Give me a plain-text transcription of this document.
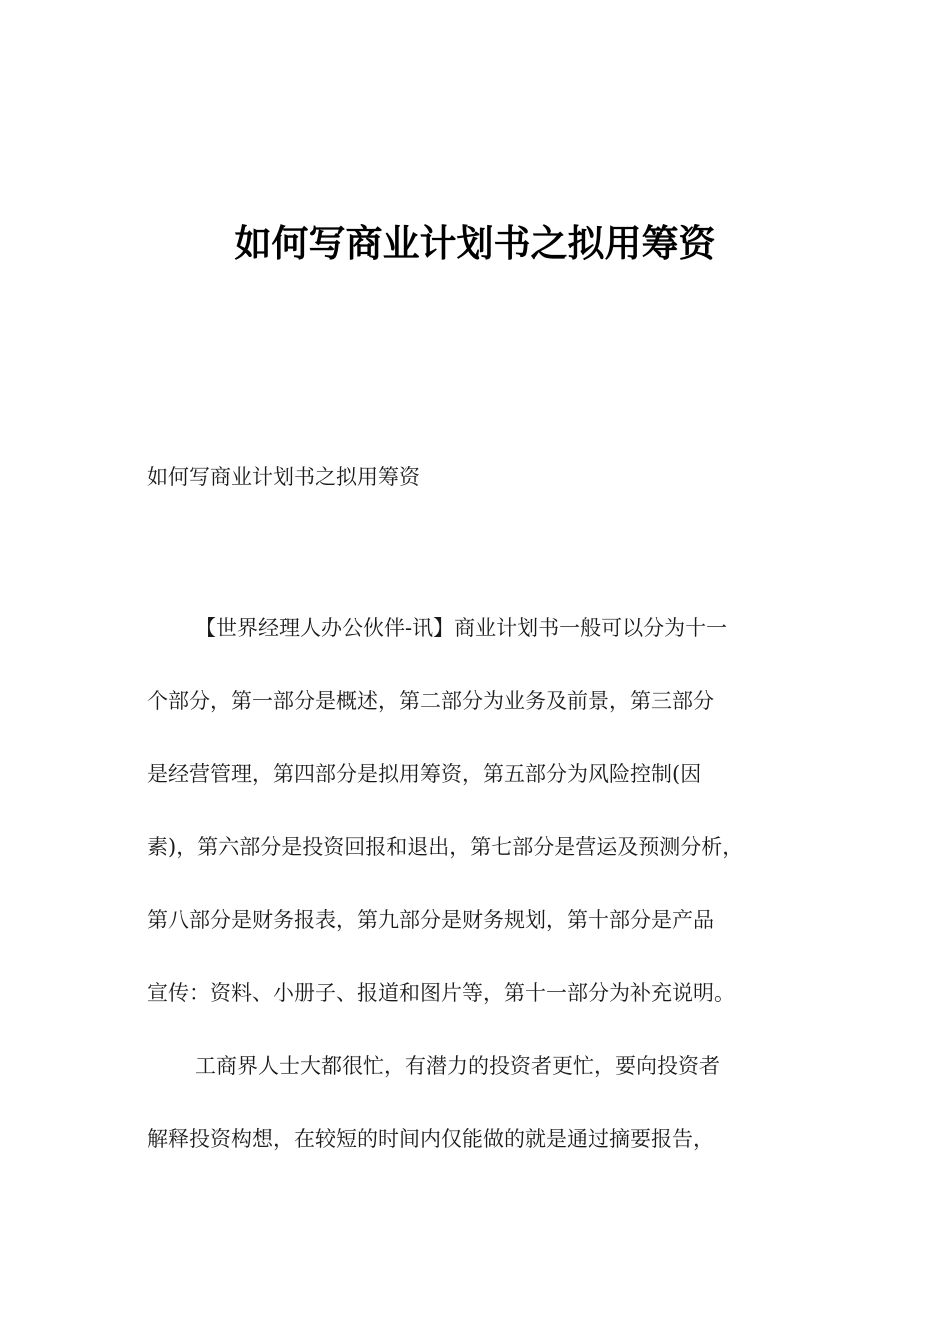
如何写商业计划书之拟用筹资

如何写商业计划书之拟用筹资

【世界经理人办公伙伴-讯】商业计划书一般可以分为十一

个部分，第一部分是概述，第二部分为业务及前景，第三部分

是经营管理，第四部分是拟用筹资，第五部分为风险控制(因

素)，第六部分是投资回报和退出，第七部分是营运及预测分析，

第八部分是财务报表，第九部分是财务规划，第十部分是产品

宣传：资料、小册子、报道和图片等，第十一部分为补充说明。

工商界人士大都很忙，有潜力的投资者更忙，要向投资者

解释投资构想，在较短的时间内仅能做的就是通过摘要报告，
